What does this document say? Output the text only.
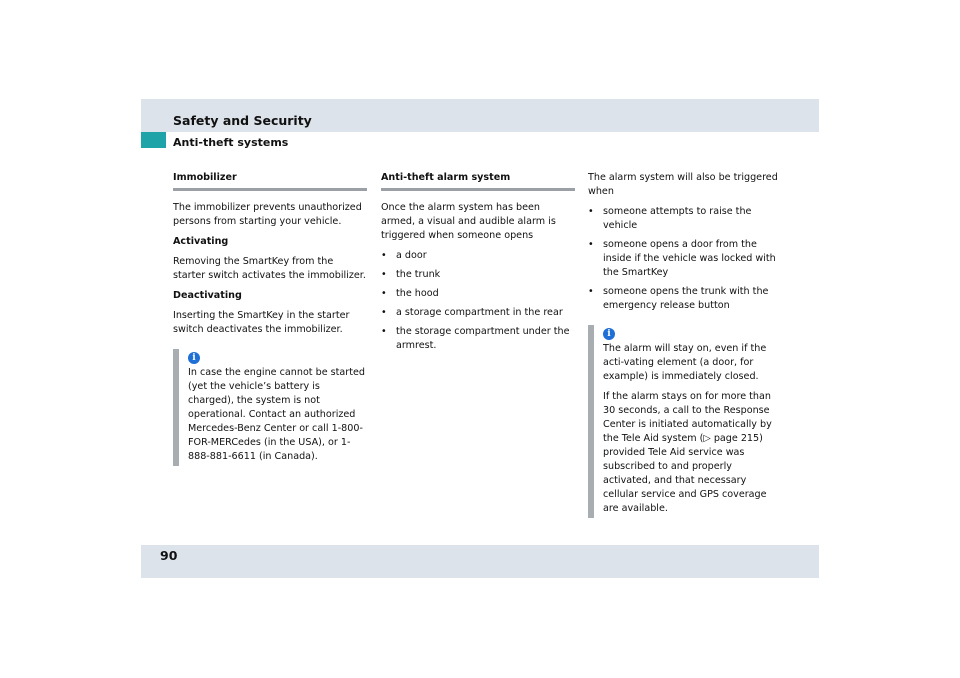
Safety and Security
Anti-theft systems
Immobilizer

The immobilizer prevents unauthorized persons from starting your vehicle.

Activating

Removing the SmartKey from the starter switch activates the immobilizer.

Deactivating

Inserting the SmartKey in the starter switch deactivates the immobilizer.

i

In case the engine cannot be started (yet the vehicle’s battery is charged), the system is not operational. Contact an authorized Mercedes-Benz Center or call 1-800-FOR-MERCedes (in the USA), or 1-888-881-6611 (in Canada).

Anti-theft alarm system

Once the alarm system has been armed, a visual and audible alarm is triggered when someone opens

• a door
• the trunk
• the hood
• a storage compartment in the rear
• the storage compartment under the armrest.

The alarm system will also be triggered when

• someone attempts to raise the vehicle
• someone opens a door from the inside if the vehicle was locked with the SmartKey
• someone opens the trunk with the emergency release button
i

The alarm will stay on, even if the acti-vating element (a door, for example) is immediately closed.

If the alarm stays on for more than 30 seconds, a call to the Response Center is initiated automatically by the Tele Aid system (▷ page 215) provided Tele Aid service was subscribed to and properly activated, and that necessary cellular service and GPS coverage are available.

90
